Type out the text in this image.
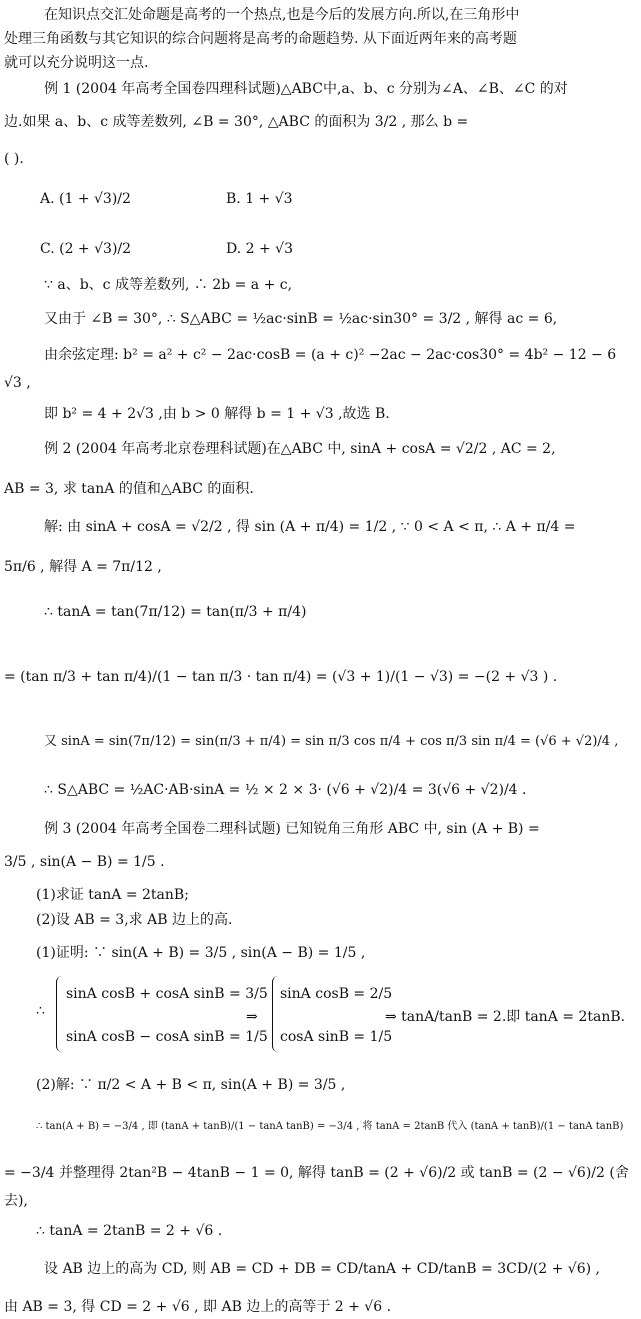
在知识点交汇处命题是高考的一个热点,也是今后的发展方向.所以,在三角形中
处理三角函数与其它知识的综合问题将是高考的命题趋势. 从下面近两年来的高考题
就可以充分说明这一点.
例 1 (2004 年高考全国卷四理科试题)△ABC中,a、b、c 分别为∠A、∠B、∠C 的对
边.如果 a、b、c 成等差数列, ∠B = 30°, △ABC 的面积为 3/2 , 那么 b =
( ).
A. (1 + √3)/2	B. 1 + √3
C. (2 + √3)/2	D. 2 + √3
∵ a、b、c 成等差数列, ∴ 2b = a + c,
又由于 ∠B = 30°, ∴ S△ABC = ½ac·sinB = ½ac·sin30° = 3/2 , 解得 ac = 6,
由余弦定理: b² = a² + c² − 2ac·cosB = (a + c)² −2ac − 2ac·cos30° = 4b² − 12 − 6
√3 ,
即 b² = 4 + 2√3 ,由 b > 0 解得 b = 1 + √3 ,故选 B.
例 2 (2004 年高考北京卷理科试题)在△ABC 中, sinA + cosA = √2/2 , AC = 2,
AB = 3, 求 tanA 的值和△ABC 的面积.
解: 由 sinA + cosA = √2/2 , 得 sin (A + π/4) = 1/2 , ∵ 0 < A < π, ∴ A + π/4 =
5π/6 , 解得 A = 7π/12 ,
∴ tanA = tan(7π/12) = tan(π/3 + π/4)
= (tan π/3 + tan π/4)/(1 − tan π/3 · tan π/4) = (√3 + 1)/(1 − √3) = −(2 + √3 ) .
又 sinA = sin(7π/12) = sin(π/3 + π/4) = sin π/3 cos π/4 + cos π/3 sin π/4 = (√6 + √2)/4 ,
∴ S△ABC = ½AC·AB·sinA = ½ × 2 × 3· (√6 + √2)/4 = 3(√6 + √2)/4 .
例 3 (2004 年高考全国卷二理科试题) 已知锐角三角形 ABC 中, sin (A + B) =
3/5 , sin(A − B) = 1/5 .
(1)求证 tanA = 2tanB;
(2)设 AB = 3,求 AB 边上的高.
(1)证明: ∵ sin(A + B) = 3/5 , sin(A − B) = 1/5 ,
∴
sinA cosB + cosA sinB = 3/5
sinA cosB − cosA sinB = 1/5
⇒
sinA cosB = 2/5
cosA sinB = 1/5
⇒ tanA/tanB = 2.即 tanA = 2tanB.
(2)解: ∵ π/2 < A + B < π, sin(A + B) = 3/5 ,
∴ tan(A + B) = −3/4 , 即 (tanA + tanB)/(1 − tanA tanB) = −3/4 , 将 tanA = 2tanB 代入 (tanA + tanB)/(1 − tanA tanB)
= −3/4 并整理得 2tan²B − 4tanB − 1 = 0, 解得 tanB = (2 + √6)/2 或 tanB = (2 − √6)/2 (舍
去),
∴ tanA = 2tanB = 2 + √6 .
设 AB 边上的高为 CD, 则 AB = CD + DB = CD/tanA + CD/tanB = 3CD/(2 + √6) ,
由 AB = 3, 得 CD = 2 + √6 , 即 AB 边上的高等于 2 + √6 .
